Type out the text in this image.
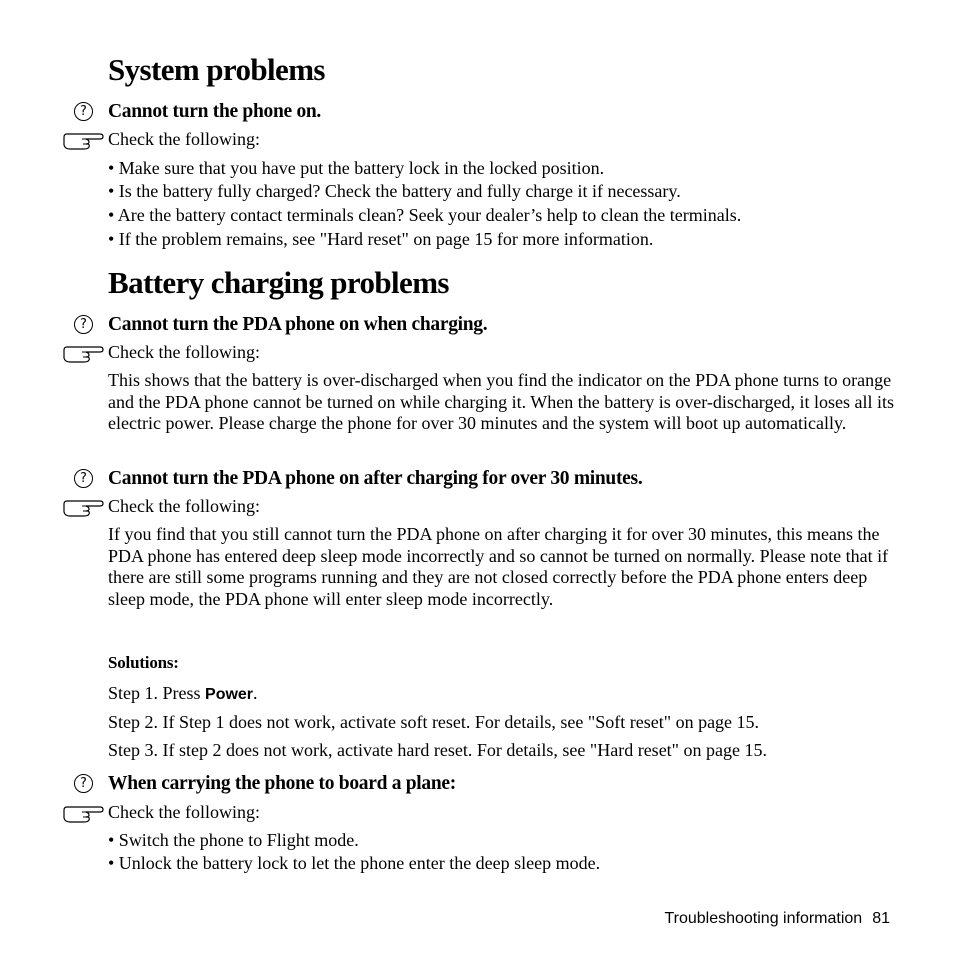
System problems
?	Cannot turn the phone on.
Check the following:
• Make sure that you have put the battery lock in the locked position.
• Is the battery fully charged? Check the battery and fully charge it if necessary.
• Are the battery contact terminals clean? Seek your dealer’s help to clean the terminals.
• If the problem remains, see "Hard reset" on page 15 for more information.
Battery charging problems
?	Cannot turn the PDA phone on when charging.
Check the following:
This shows that the battery is over-discharged when you find the indicator on the PDA phone turns to orange and the PDA phone cannot be turned on while charging it. When the battery is over-discharged, it loses all its electric power. Please charge the phone for over 30 minutes and the system will boot up automatically.
?	Cannot turn the PDA phone on after charging for over 30 minutes.
Check the following:
If you find that you still cannot turn the PDA phone on after charging it for over 30 minutes, this means the PDA phone has entered deep sleep mode incorrectly and so cannot be turned on normally. Please note that if there are still some programs running and they are not closed correctly before the PDA phone enters deep sleep mode, the PDA phone will enter sleep mode incorrectly.
Solutions:
Step 1. Press Power.
Step 2. If Step 1 does not work, activate soft reset. For details, see "Soft reset" on page 15.
Step 3. If step 2 does not work, activate hard reset. For details, see "Hard reset" on page 15.
?	When carrying the phone to board a plane:
Check the following:
• Switch the phone to Flight mode.
• Unlock the battery lock to let the phone enter the deep sleep mode.
Troubleshooting information 81
